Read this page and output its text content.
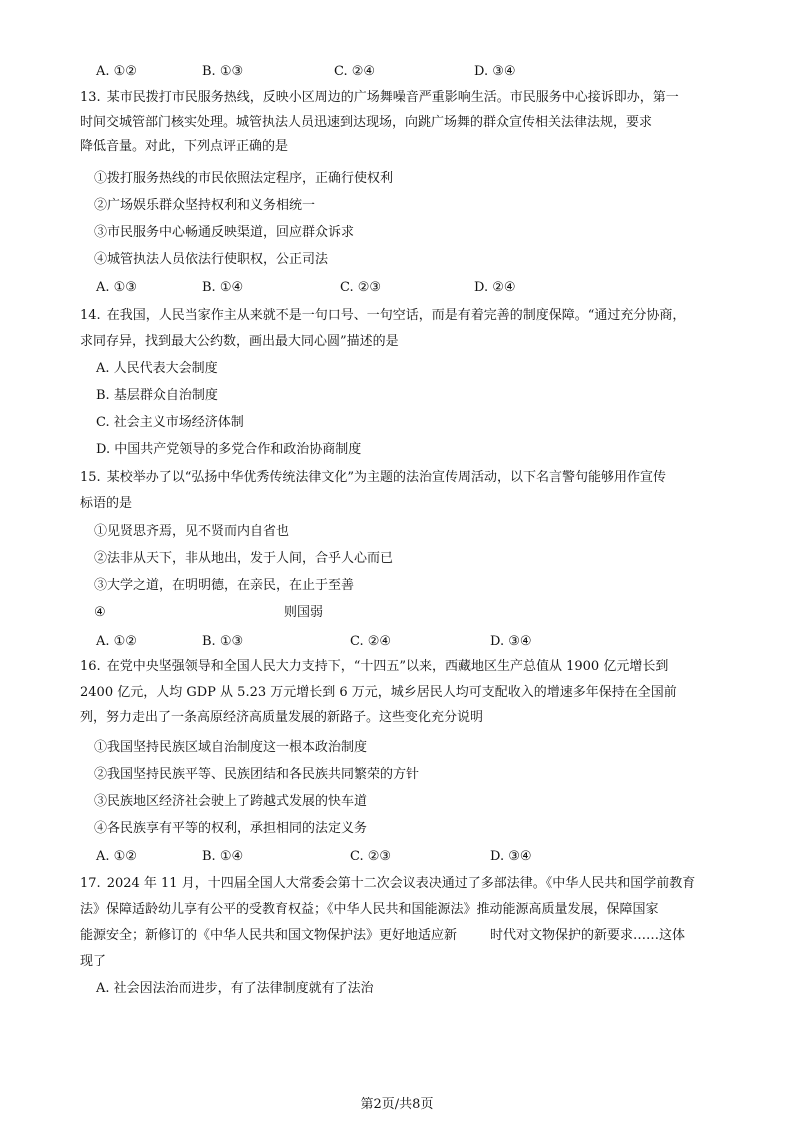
A. ①②	B. ①③	C. ②④	D. ③④
13. 某市民拨打市民服务热线，反映小区周边的广场舞噪音严重影响生活。市民服务中心接诉即办，第一
时间交城管部门核实处理。城管执法人员迅速到达现场，向跳广场舞的群众宣传相关法律法规，要求
降低音量。对此，下列点评正确的是
①拨打服务热线的市民依照法定程序，正确行使权利
②广场娱乐群众坚持权利和义务相统一
③市民服务中心畅通反映渠道，回应群众诉求
④城管执法人员依法行使职权，公正司法
A. ①③	B. ①④	C. ②③	D. ②④
14. 在我国，人民当家作主从来就不是一句口号、一句空话，而是有着完善的制度保障。“通过充分协商，
求同存异，找到最大公约数，画出最大同心圆”描述的是
A. 人民代表大会制度
B. 基层群众自治制度
C. 社会主义市场经济体制
D. 中国共产党领导的多党合作和政治协商制度
15. 某校举办了以“弘扬中华优秀传统法律文化”为主题的法治宣传周活动，以下名言警句能够用作宣传
标语的是
①见贤思齐焉，见不贤而内自省也
②法非从天下，非从地出，发于人间，合乎人心而已
③大学之道，在明明德，在亲民，在止于至善
④	则国弱
A. ①②	B. ①③	C. ②④	D. ③④
16. 在党中央坚强领导和全国人民大力支持下，“十四五”以来，西藏地区生产总值从 1900 亿元增长到
2400 亿元，人均 GDP 从 5.23 万元增长到 6 万元，城乡居民人均可支配收入的增速多年保持在全国前
列，努力走出了一条高原经济高质量发展的新路子。这些变化充分说明
①我国坚持民族区域自治制度这一根本政治制度
②我国坚持民族平等、民族团结和各民族共同繁荣的方针
③民族地区经济社会驶上了跨越式发展的快车道
④各民族享有平等的权利，承担相同的法定义务
A. ①②	B. ①④	C. ②③	D. ③④
17. 2024 年 11 月，十四届全国人大常委会第十二次会议表决通过了多部法律。《中华人民共和国学前教育
法》保障适龄幼儿享有公平的受教育权益；《中华人民共和国能源法》推动能源高质量发展，保障国家
能源安全；新修订的《中华人民共和国文物保护法》更好地适应新	时代对文物保护的新要求……这体
现了
A. 社会因法治而进步，有了法律制度就有了法治
第2页/共8页
